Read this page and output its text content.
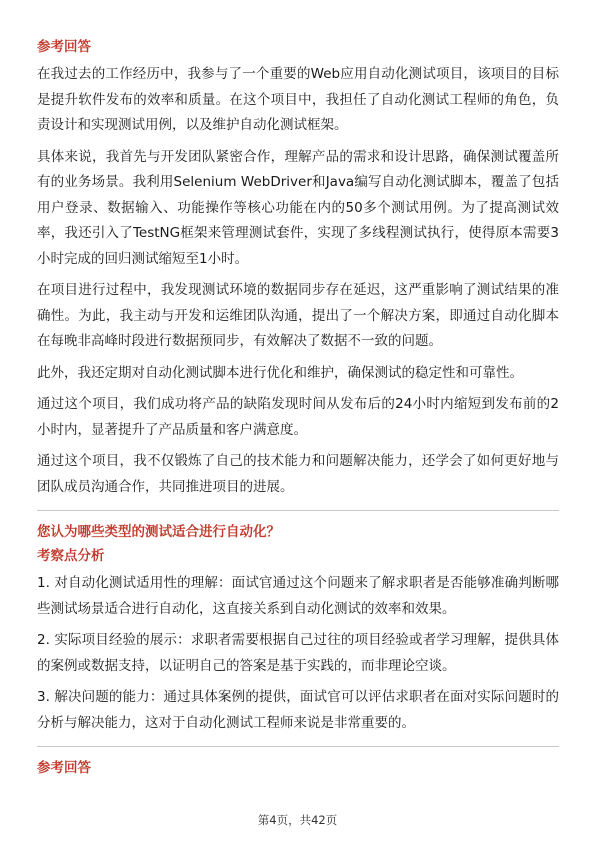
参考回答

在我过去的工作经历中，我参与了一个重要的Web应用自动化测试项目，该项目的目标是提升软件发布的效率和质量。在这个项目中，我担任了自动化测试工程师的角色，负责设计和实现测试用例，以及维护自动化测试框架。

具体来说，我首先与开发团队紧密合作，理解产品的需求和设计思路，确保测试覆盖所有的业务场景。我利用Selenium WebDriver和Java编写自动化测试脚本，覆盖了包括用户登录、数据输入、功能操作等核心功能在内的50多个测试用例。为了提高测试效率，我还引入了TestNG框架来管理测试套件，实现了多线程测试执行，使得原本需要3小时完成的回归测试缩短至1小时。

在项目进行过程中，我发现测试环境的数据同步存在延迟，这严重影响了测试结果的准确性。为此，我主动与开发和运维团队沟通，提出了一个解决方案，即通过自动化脚本在每晚非高峰时段进行数据预同步，有效解决了数据不一致的问题。

此外，我还定期对自动化测试脚本进行优化和维护，确保测试的稳定性和可靠性。

通过这个项目，我们成功将产品的缺陷发现时间从发布后的24小时内缩短到发布前的2小时内，显著提升了产品质量和客户满意度。

通过这个项目，我不仅锻炼了自己的技术能力和问题解决能力，还学会了如何更好地与团队成员沟通合作，共同推进项目的进展。

您认为哪些类型的测试适合进行自动化？
考察点分析

1. 对自动化测试适用性的理解：面试官通过这个问题来了解求职者是否能够准确判断哪些测试场景适合进行自动化，这直接关系到自动化测试的效率和效果。

2. 实际项目经验的展示：求职者需要根据自己过往的项目经验或者学习理解，提供具体的案例或数据支持，以证明自己的答案是基于实践的，而非理论空谈。

3. 解决问题的能力：通过具体案例的提供，面试官可以评估求职者在面对实际问题时的分析与解决能力，这对于自动化测试工程师来说是非常重要的。

参考回答
第4页，共42页
